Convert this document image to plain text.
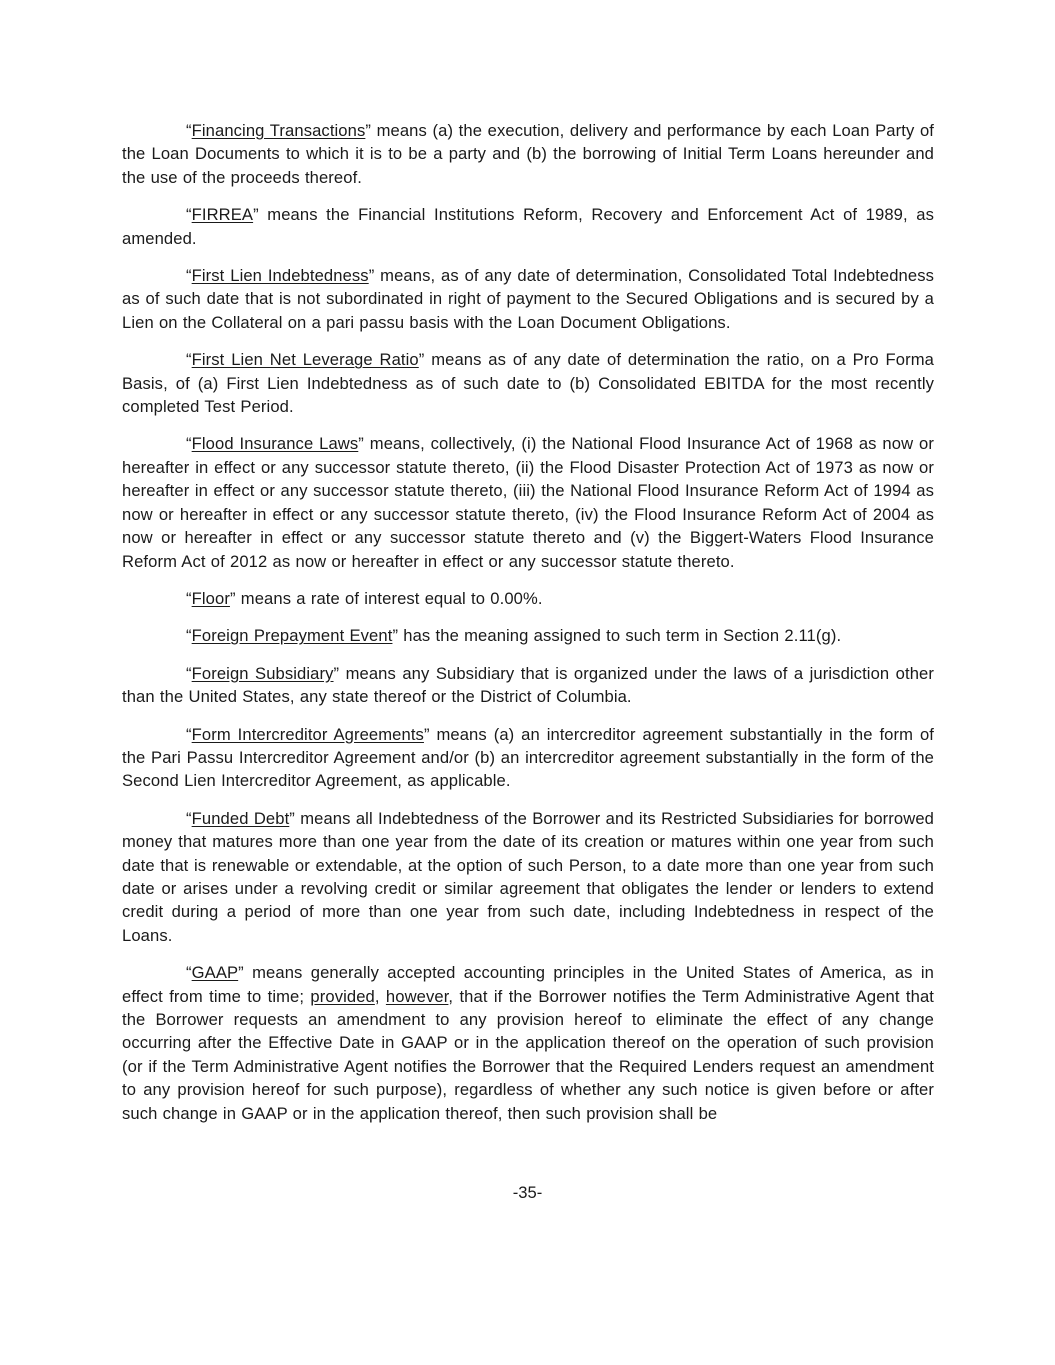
“Financing Transactions” means (a) the execution, delivery and performance by each Loan Party of the Loan Documents to which it is to be a party and (b) the borrowing of Initial Term Loans hereunder and the use of the proceeds thereof.

“FIRREA” means the Financial Institutions Reform, Recovery and Enforcement Act of 1989, as amended.

“First Lien Indebtedness” means, as of any date of determination, Consolidated Total Indebtedness as of such date that is not subordinated in right of payment to the Secured Obligations and is secured by a Lien on the Collateral on a pari passu basis with the Loan Document Obligations.

“First Lien Net Leverage Ratio” means as of any date of determination the ratio, on a Pro Forma Basis, of (a) First Lien Indebtedness as of such date to (b) Consolidated EBITDA for the most recently completed Test Period.

“Flood Insurance Laws” means, collectively, (i) the National Flood Insurance Act of 1968 as now or hereafter in effect or any successor statute thereto, (ii) the Flood Disaster Protection Act of 1973 as now or hereafter in effect or any successor statute thereto, (iii) the National Flood Insurance Reform Act of 1994 as now or hereafter in effect or any successor statute thereto, (iv) the Flood Insurance Reform Act of 2004 as now or hereafter in effect or any successor statute thereto and (v) the Biggert-Waters Flood Insurance Reform Act of 2012 as now or hereafter in effect or any successor statute thereto.

“Floor” means a rate of interest equal to 0.00%.

“Foreign Prepayment Event” has the meaning assigned to such term in Section 2.11(g).

“Foreign Subsidiary” means any Subsidiary that is organized under the laws of a jurisdiction other than the United States, any state thereof or the District of Columbia.

“Form Intercreditor Agreements” means (a) an intercreditor agreement substantially in the form of the Pari Passu Intercreditor Agreement and/or (b) an intercreditor agreement substantially in the form of the Second Lien Intercreditor Agreement, as applicable.

“Funded Debt” means all Indebtedness of the Borrower and its Restricted Subsidiaries for borrowed money that matures more than one year from the date of its creation or matures within one year from such date that is renewable or extendable, at the option of such Person, to a date more than one year from such date or arises under a revolving credit or similar agreement that obligates the lender or lenders to extend credit during a period of more than one year from such date, including Indebtedness in respect of the Loans.

“GAAP” means generally accepted accounting principles in the United States of America, as in effect from time to time; provided, however, that if the Borrower notifies the Term Administrative Agent that the Borrower requests an amendment to any provision hereof to eliminate the effect of any change occurring after the Effective Date in GAAP or in the application thereof on the operation of such provision (or if the Term Administrative Agent notifies the Borrower that the Required Lenders request an amendment to any provision hereof for such purpose), regardless of whether any such notice is given before or after such change in GAAP or in the application thereof, then such provision shall be

-35-
